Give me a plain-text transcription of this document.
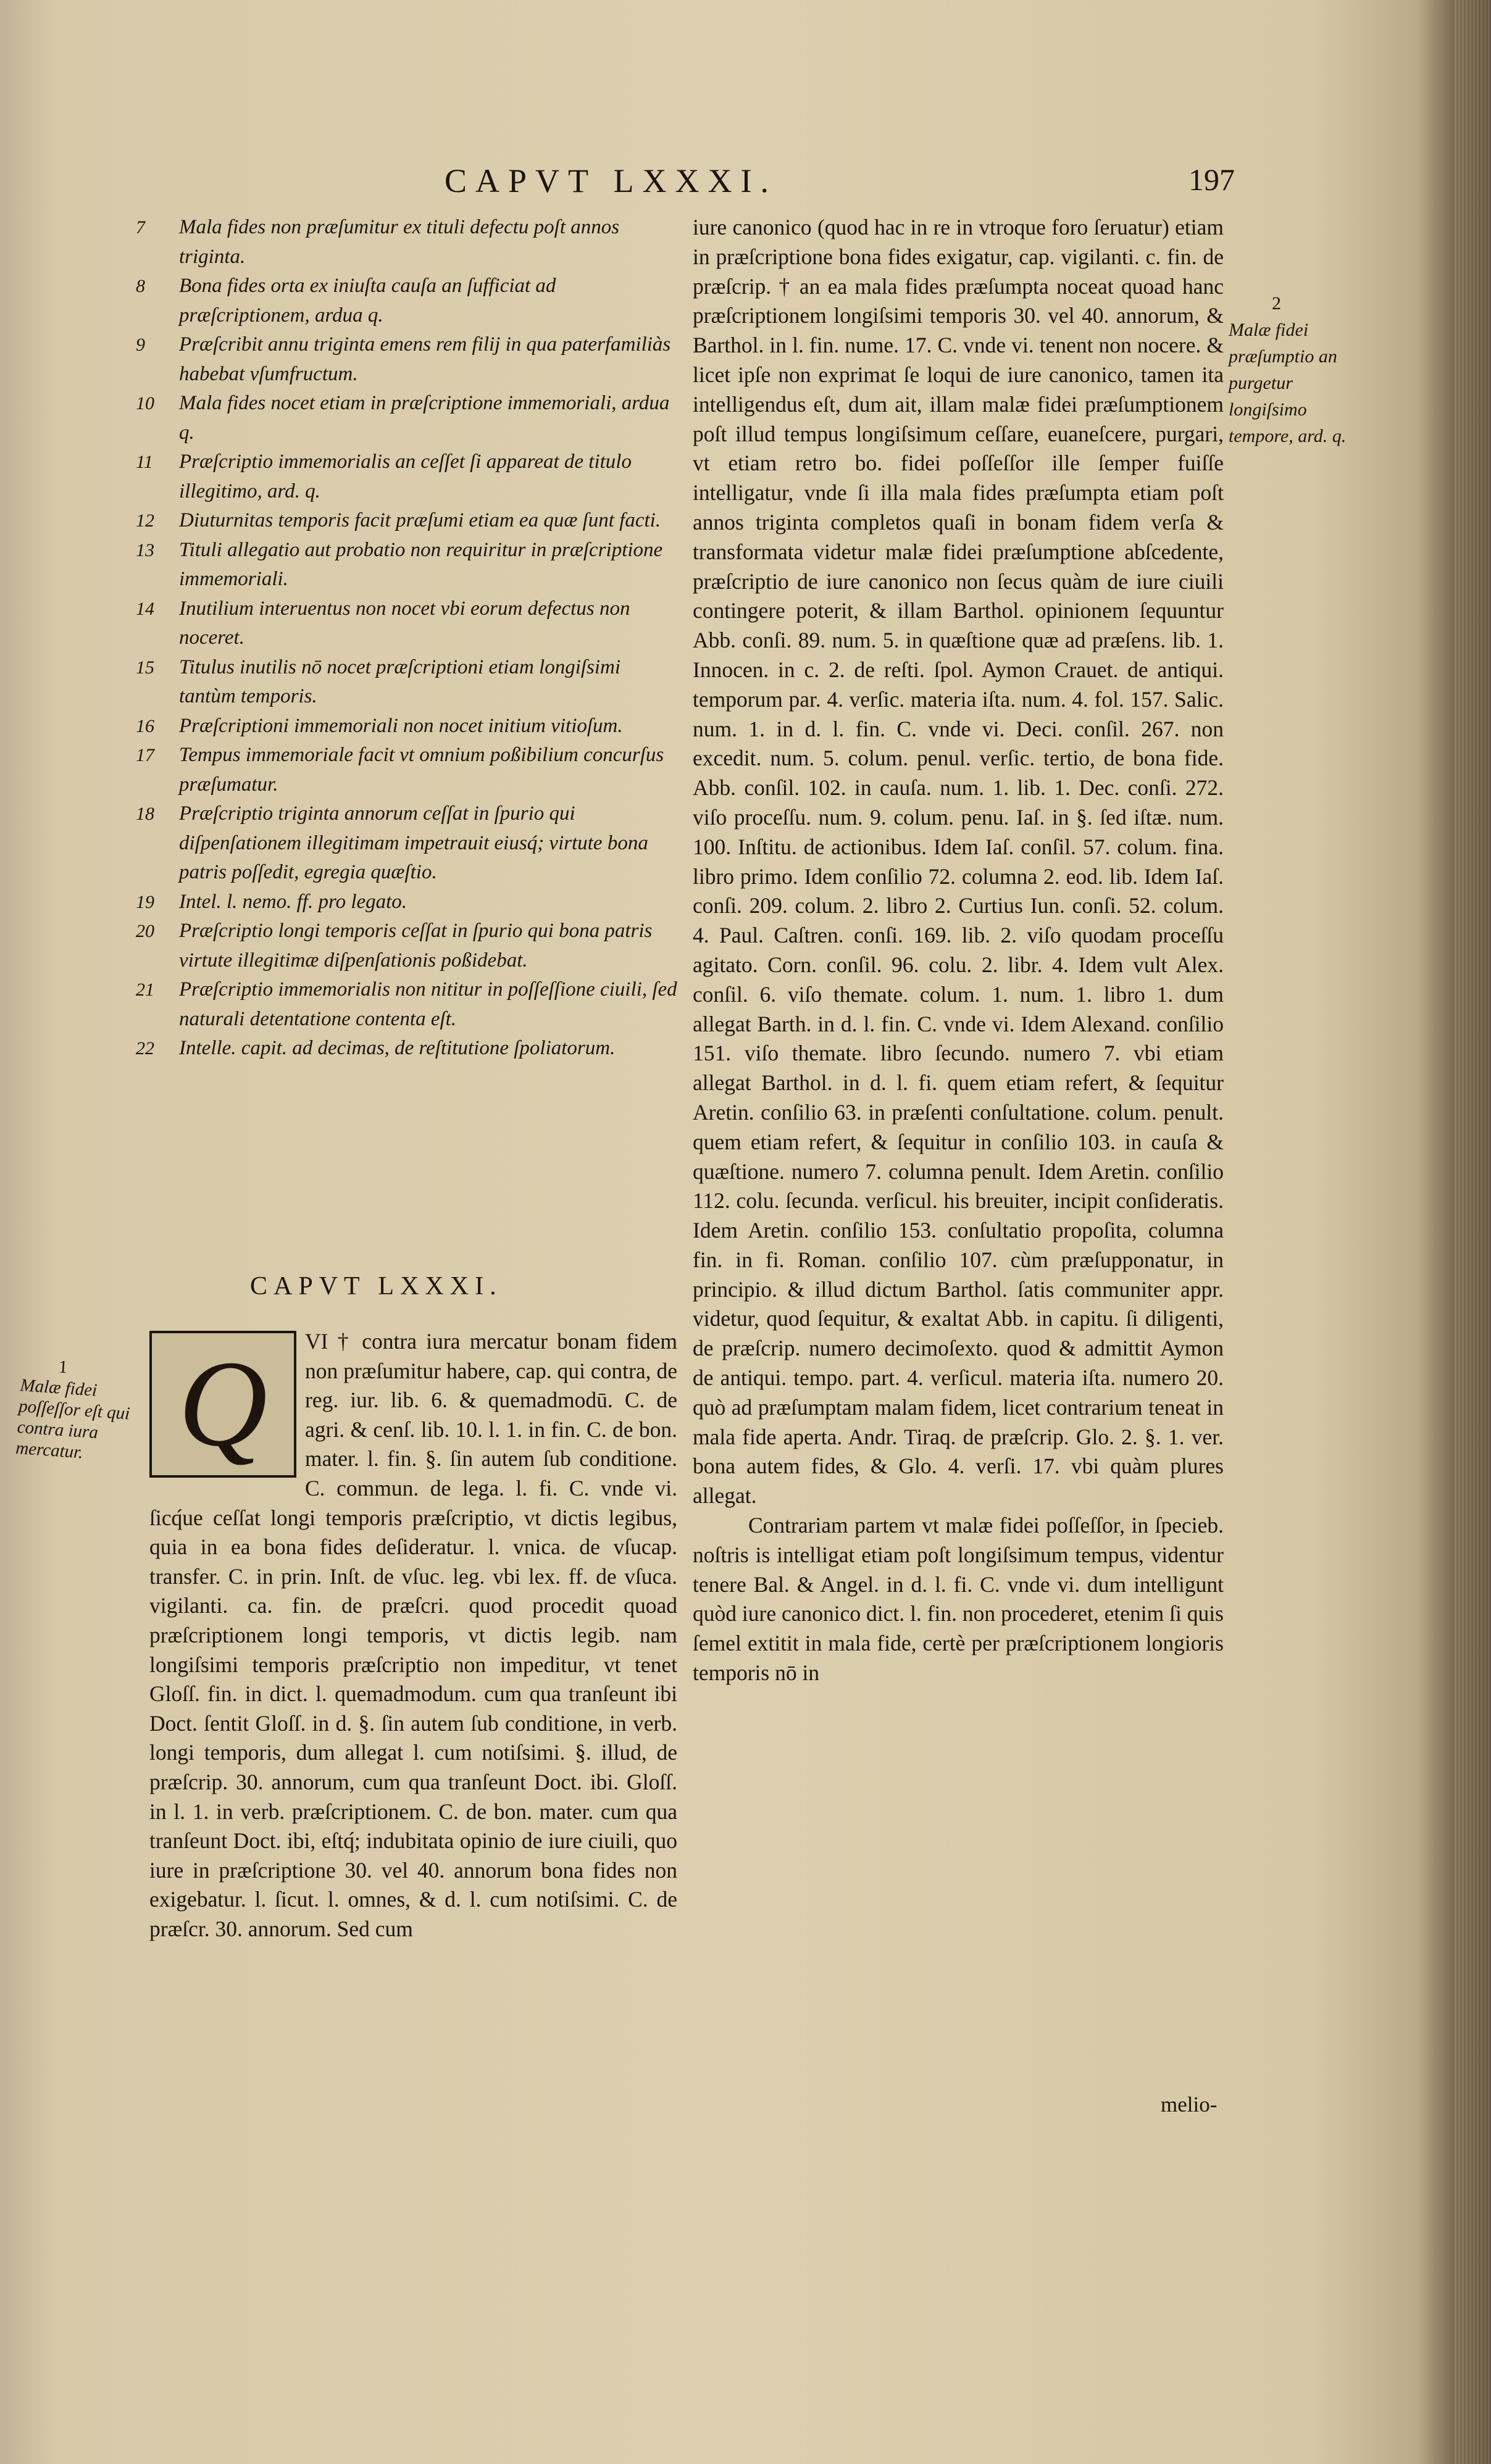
CAPVT LXXXI.	197
7 Mala fides non præſumitur ex tituli defectu poſt annos triginta.
8 Bona fides orta ex iniuſta cauſa an ſufficiat ad præſcriptionem, ardua q.
9 Præſcribit annu triginta emens rem filij in qua paterfamiliàs habebat vſumfructum.
10 Mala fides nocet etiam in præſcriptione immemoriali, ardua q.
11 Præſcriptio immemorialis an ceſſet ſi appareat de titulo illegitimo, ard. q.
12 Diuturnitas temporis facit præſumi etiam ea quæ ſunt facti.
13 Tituli allegatio aut probatio non requiritur in præſcriptione immemoriali.
14 Inutilium interuentus non nocet vbi eorum defectus non noceret.
15 Titulus inutilis nō nocet præſcriptioni etiam longiſsimi tantùm temporis.
16 Præſcriptioni immemoriali non nocet initium vitioſum.
17 Tempus immemoriale facit vt omnium poßibilium concurſus præſumatur.
18 Præſcriptio triginta annorum ceſſat in ſpurio qui diſpenſationem illegitimam impetrauit eiusq́; virtute bona patris poſſedit, egregia quæſtio.
19 Intel. l. nemo. ff. pro legato.
20 Præſcriptio longi temporis ceſſat in ſpurio qui bona patris virtute illegitimæ diſpenſationis poßidebat.
21 Præſcriptio immemorialis non nititur in poſſeſſione ciuili, ſed naturali detentatione contenta eſt.
22 Intelle. capit. ad decimas, de reſtitutione ſpoliatorum.
CAPVT LXXXI.
Q	VI † contra iura mercatur bonam fidem non præſumitur habere, cap. qui contra, de reg. iur. lib. 6. & quemadmodū. C. de agri. & cenſ. lib. 10. l. 1. in fin. C. de bon. mater. l. fin. §. ſin autem ſub conditione. C. commun. de lega. l. fi. C. vnde vi. ſicq́ue ceſſat longi temporis præſcriptio, vt dictis legibus, quia in ea bona fides deſideratur. l. vnica. de vſucap. transfer. C. in prin. Inſt. de vſuc. leg. vbi lex. ff. de vſuca. vigilanti. ca. fin. de præſcri. quod procedit quoad præſcriptionem longi temporis, vt dictis legib. nam longiſsimi temporis præſcriptio non impeditur, vt tenet Gloſſ. fin. in dict. l. quemadmodum. cum qua tranſeunt ibi Doct. ſentit Gloſſ. in d. §. ſin autem ſub conditione, in verb. longi temporis, dum allegat l. cum notiſsimi. §. illud, de præſcrip. 30. annorum, cum qua tranſeunt Doct. ibi. Gloſſ. in l. 1. in verb. præſcriptionem. C. de bon. mater. cum qua tranſeunt Doct. ibi, eſtq́; indubitata opinio de iure ciuili, quo iure in præſcriptione 30. vel 40. annorum bona fides non exigebatur. l. ſicut. l. omnes, & d. l. cum notiſsimi. C. de præſcr. 30. annorum. Sed cum
1
Malæ fidei poſſeſſor eſt qui contra iura mercatur.

iure canonico (quod hac in re in vtroque foro ſeruatur) etiam in præſcriptione bona fides exigatur, cap. vigilanti. c. fin. de præſcrip. † an ea mala fides præſumpta noceat quoad hanc præſcriptionem longiſsimi temporis 30. vel 40. annorum, & Barthol. in l. fin. nume. 17. C. vnde vi. tenent non nocere. & licet ipſe non exprimat ſe loqui de iure canonico, tamen ita intelligendus eſt, dum ait, illam malæ fidei præſumptionem poſt illud tempus longiſsimum ceſſare, euaneſcere, purgari, vt etiam retro bo. fidei poſſeſſor ille ſemper fuiſſe intelligatur, vnde ſi illa mala fides præſumpta etiam poſt annos triginta completos quaſi in bonam fidem verſa & transformata videtur malæ fidei præſumptione abſcedente, præſcriptio de iure canonico non ſecus quàm de iure ciuili contingere poterit, & illam Barthol. opinionem ſequuntur Abb. conſi. 89. num. 5. in quæſtione quæ ad præſens. lib. 1. Innocen. in c. 2. de reſti. ſpol. Aymon Crauet. de antiqui. temporum par. 4. verſic. materia iſta. num. 4. fol. 157. Salic. num. 1. in d. l. fin. C. vnde vi. Deci. conſil. 267. non excedit. num. 5. colum. penul. verſic. tertio, de bona fide. Abb. conſil. 102. in cauſa. num. 1. lib. 1. Dec. conſi. 272. viſo proceſſu. num. 9. colum. penu. Iaſ. in §. ſed iſtæ. num. 100. Inſtitu. de actionibus. Idem Iaſ. conſil. 57. colum. fina. libro primo. Idem conſilio 72. columna 2. eod. lib. Idem Iaſ. conſi. 209. colum. 2. libro 2. Curtius Iun. conſi. 52. colum. 4. Paul. Caſtren. conſi. 169. lib. 2. viſo quodam proceſſu agitato. Corn. conſil. 96. colu. 2. libr. 4. Idem vult Alex. conſil. 6. viſo themate. colum. 1. num. 1. libro 1. dum allegat Barth. in d. l. fin. C. vnde vi. Idem Alexand. conſilio 151. viſo themate. libro ſecundo. numero 7. vbi etiam allegat Barthol. in d. l. fi. quem etiam refert, & ſequitur Aretin. conſilio 63. in præſenti conſultatione. colum. penult. quem etiam refert, & ſequitur in conſilio 103. in cauſa & quæſtione. numero 7. columna penult. Idem Aretin. conſilio 112. colu. ſecunda. verſicul. his breuiter, incipit conſideratis. Idem Aretin. conſilio 153. conſultatio propoſita, columna fin. in fi. Roman. conſilio 107. cùm præſupponatur, in principio. & illud dictum Barthol. ſatis communiter appr. videtur, quod ſequitur, & exaltat Abb. in capitu. ſi diligenti, de præſcrip. numero decimoſexto. quod & admittit Aymon de antiqui. tempo. part. 4. verſicul. materia iſta. numero 20. quò ad præſumptam malam fidem, licet contrarium teneat in mala fide aperta. Andr. Tiraq. de præſcrip. Glo. 2. §. 1. ver. bona autem fides, & Glo. 4. verſi. 17. vbi quàm plures allegat.

Contrariam partem vt malæ fidei poſſeſſor, in ſpecieb. noſtris is intelligat etiam poſt longiſsimum tempus, videntur tenere Bal. & Angel. in d. l. fi. C. vnde vi. dum intelligunt quòd iure canonico dict. l. fin. non procederet, etenim ſi quis ſemel extitit in mala fide, certè per præſcriptionem longioris temporis nō in

melio-
2
Malæ fidei præſumptio an purgetur longiſsimo tempore, ard. q.
